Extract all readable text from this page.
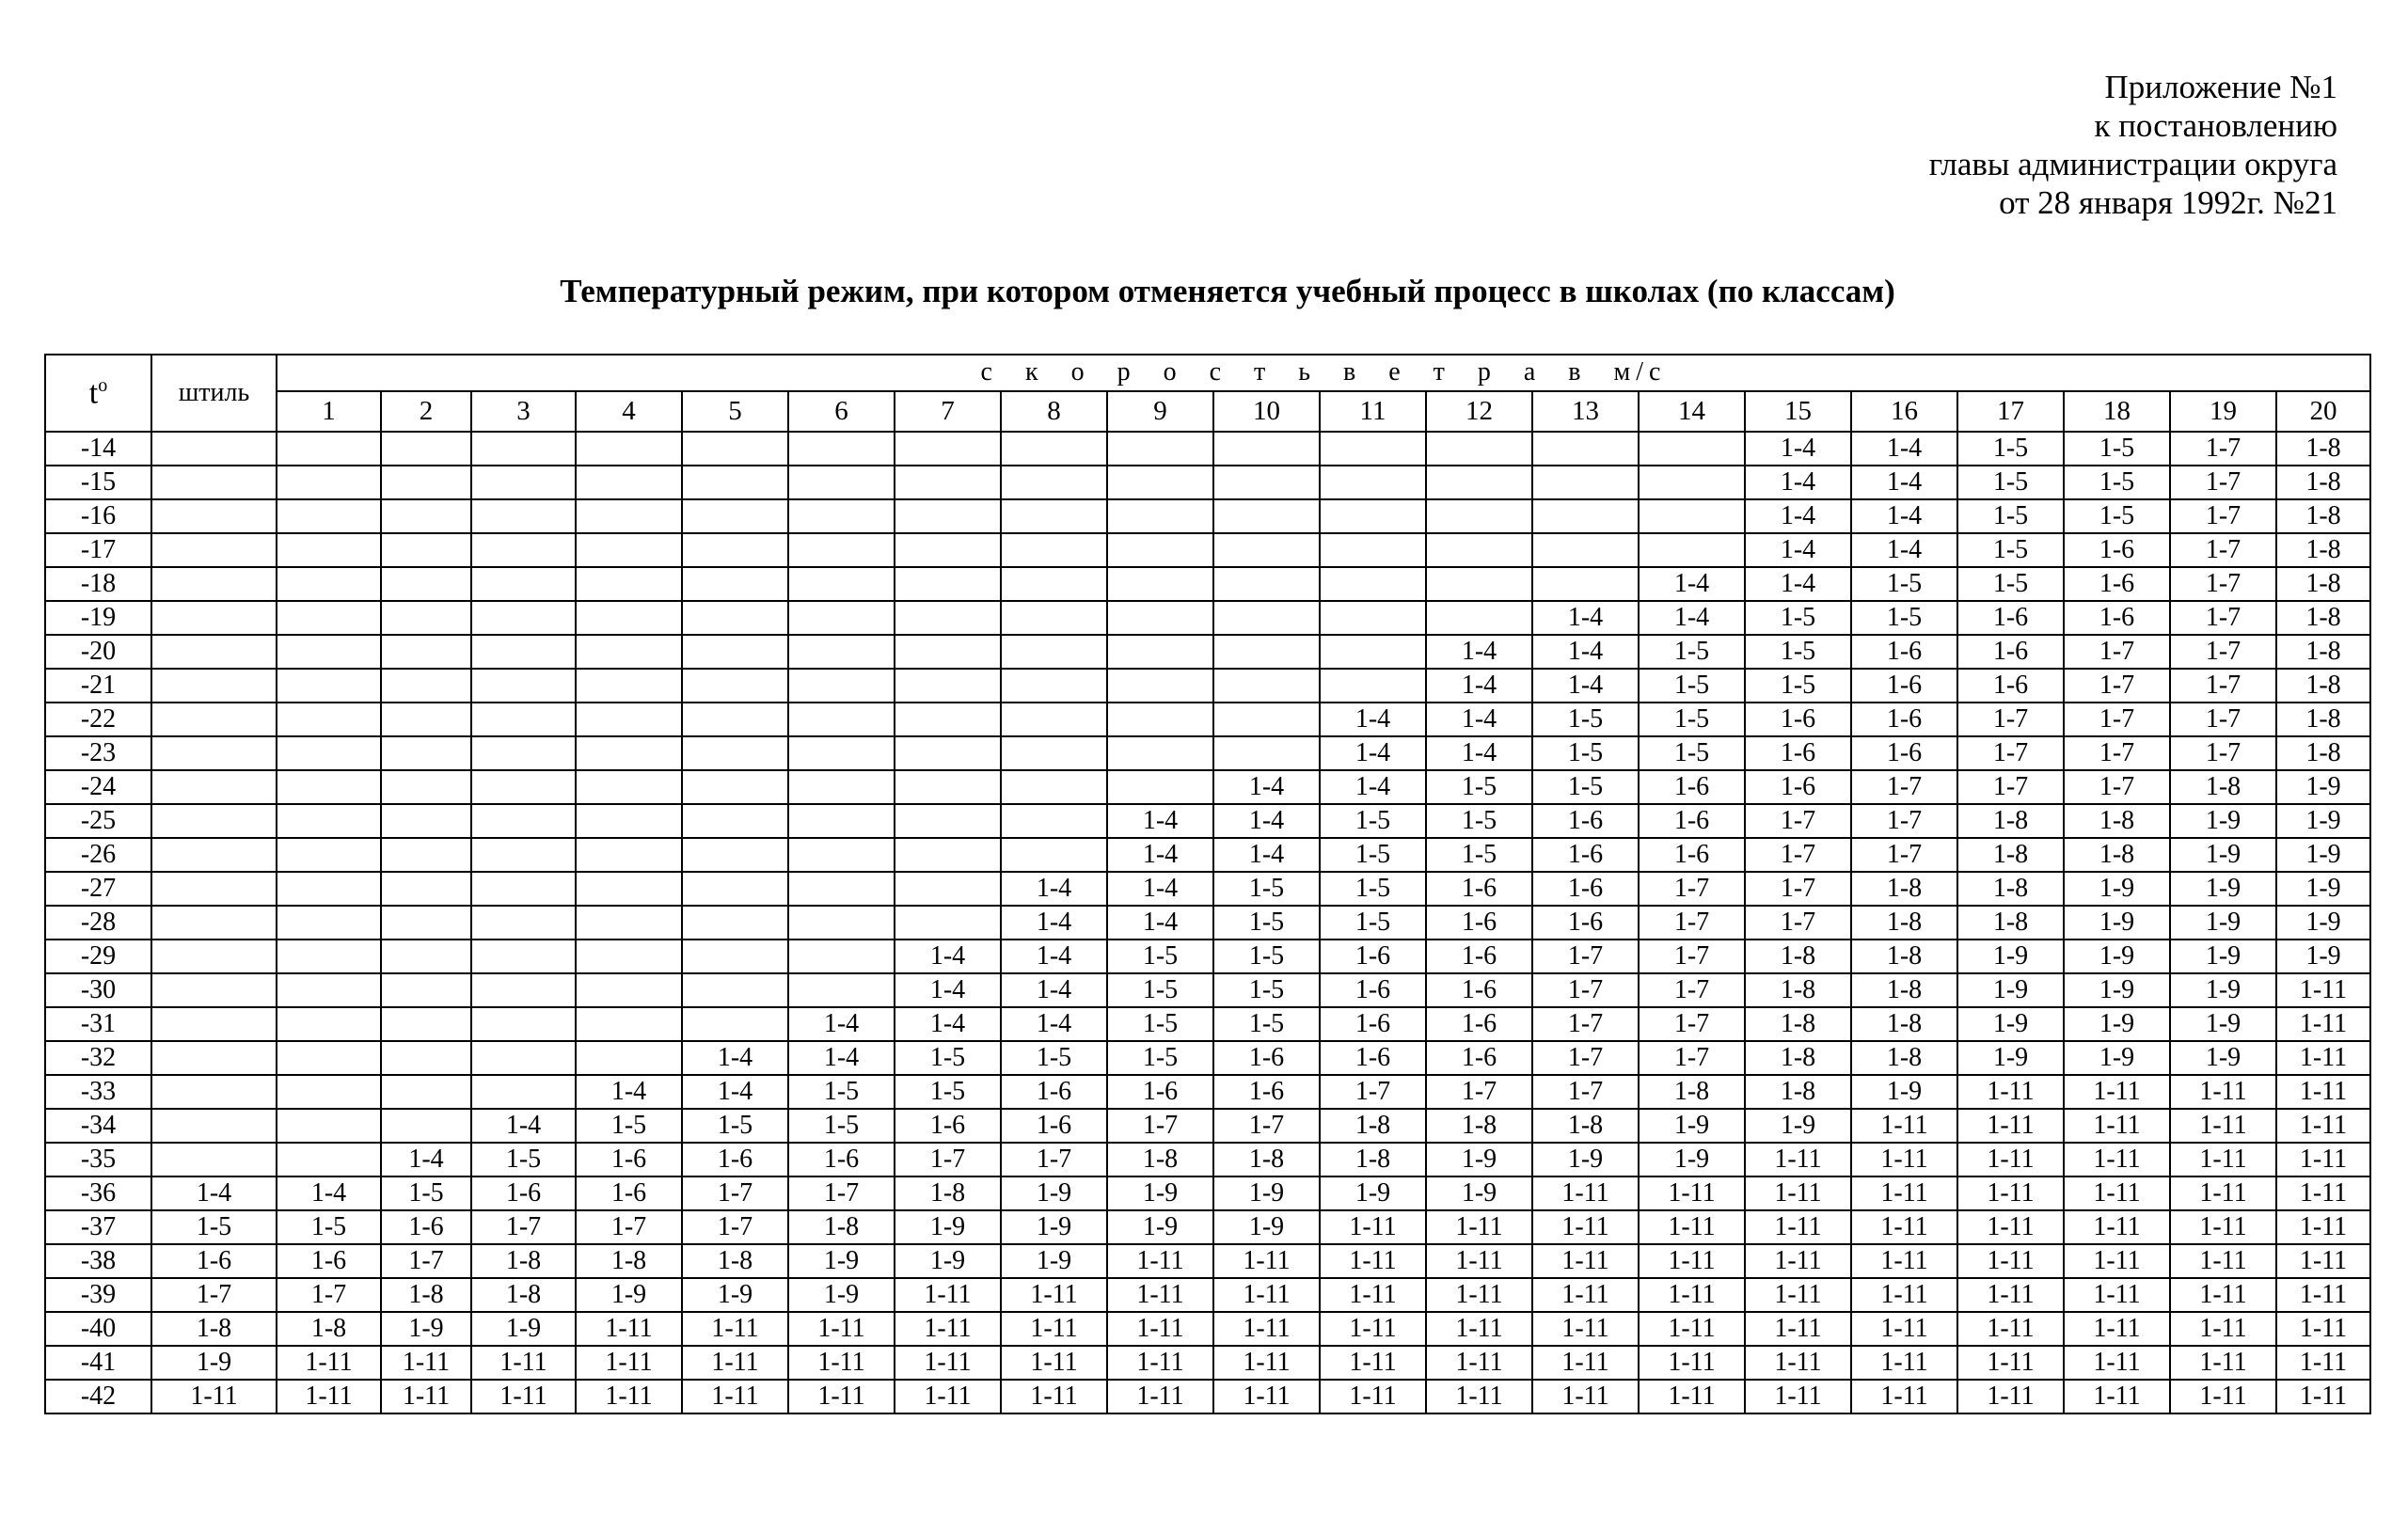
Приложение №1
к постановлению
главы администрации округа
от 28 января 1992г. №21
Температурный режим, при котором отменяется учебный процесс в школах (по классам)
$t^o$	штиль	с к о р о с т ь в е т р а в м/с																			
		1	2	3	4	5	6	7	8	9	10	11	12	13	14	15	16	17	18	19	20
-14																1-4	1-4	1-5	1-5	1-7	1-8
-15																1-4	1-4	1-5	1-5	1-7	1-8
-16																1-4	1-4	1-5	1-5	1-7	1-8
-17																1-4	1-4	1-5	1-6	1-7	1-8
-18															1-4	1-4	1-5	1-5	1-6	1-7	1-8
-19														1-4	1-4	1-5	1-5	1-6	1-6	1-7	1-8
-20													1-4	1-4	1-5	1-5	1-6	1-6	1-7	1-7	1-8
-21													1-4	1-4	1-5	1-5	1-6	1-6	1-7	1-7	1-8
-22												1-4	1-4	1-5	1-5	1-6	1-6	1-7	1-7	1-7	1-8
-23												1-4	1-4	1-5	1-5	1-6	1-6	1-7	1-7	1-7	1-8
-24											1-4	1-4	1-5	1-5	1-6	1-6	1-7	1-7	1-7	1-8	1-9
-25										1-4	1-4	1-5	1-5	1-6	1-6	1-7	1-7	1-8	1-8	1-9	1-9
-26										1-4	1-4	1-5	1-5	1-6	1-6	1-7	1-7	1-8	1-8	1-9	1-9
-27									1-4	1-4	1-5	1-5	1-6	1-6	1-7	1-7	1-8	1-8	1-9	1-9	1-9
-28									1-4	1-4	1-5	1-5	1-6	1-6	1-7	1-7	1-8	1-8	1-9	1-9	1-9
-29								1-4	1-4	1-5	1-5	1-6	1-6	1-7	1-7	1-8	1-8	1-9	1-9	1-9	1-9
-30								1-4	1-4	1-5	1-5	1-6	1-6	1-7	1-7	1-8	1-8	1-9	1-9	1-9	1-11
-31							1-4	1-4	1-4	1-5	1-5	1-6	1-6	1-7	1-7	1-8	1-8	1-9	1-9	1-9	1-11
-32						1-4	1-4	1-5	1-5	1-5	1-6	1-6	1-6	1-7	1-7	1-8	1-8	1-9	1-9	1-9	1-11
-33					1-4	1-4	1-5	1-5	1-6	1-6	1-6	1-7	1-7	1-7	1-8	1-8	1-9	1-11	1-11	1-11	1-11
-34				1-4	1-5	1-5	1-5	1-6	1-6	1-7	1-7	1-8	1-8	1-8	1-9	1-9	1-11	1-11	1-11	1-11	1-11
-35			1-4	1-5	1-6	1-6	1-6	1-7	1-7	1-8	1-8	1-8	1-9	1-9	1-9	1-11	1-11	1-11	1-11	1-11	1-11
-36	1-4	1-4	1-5	1-6	1-6	1-7	1-7	1-8	1-9	1-9	1-9	1-9	1-9	1-11	1-11	1-11	1-11	1-11	1-11	1-11	1-11
-37	1-5	1-5	1-6	1-7	1-7	1-7	1-8	1-9	1-9	1-9	1-9	1-11	1-11	1-11	1-11	1-11	1-11	1-11	1-11	1-11	1-11
-38	1-6	1-6	1-7	1-8	1-8	1-8	1-9	1-9	1-9	1-11	1-11	1-11	1-11	1-11	1-11	1-11	1-11	1-11	1-11	1-11	1-11
-39	1-7	1-7	1-8	1-8	1-9	1-9	1-9	1-11	1-11	1-11	1-11	1-11	1-11	1-11	1-11	1-11	1-11	1-11	1-11	1-11	1-11
-40	1-8	1-8	1-9	1-9	1-11	1-11	1-11	1-11	1-11	1-11	1-11	1-11	1-11	1-11	1-11	1-11	1-11	1-11	1-11	1-11	1-11
-41	1-9	1-11	1-11	1-11	1-11	1-11	1-11	1-11	1-11	1-11	1-11	1-11	1-11	1-11	1-11	1-11	1-11	1-11	1-11	1-11	1-11
-42	1-11	1-11	1-11	1-11	1-11	1-11	1-11	1-11	1-11	1-11	1-11	1-11	1-11	1-11	1-11	1-11	1-11	1-11	1-11	1-11	1-11
